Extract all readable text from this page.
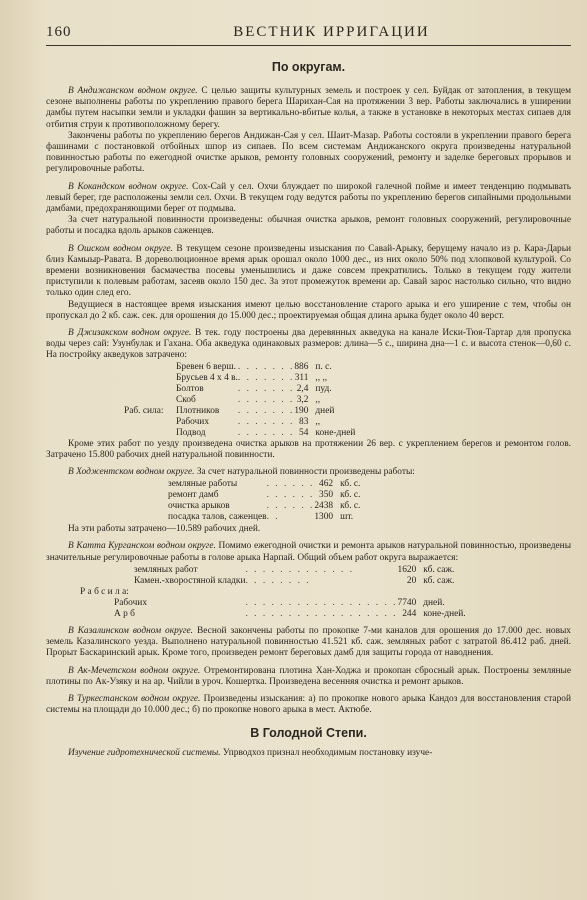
160	ВЕСТНИК ИРРИГАЦИИ
По округам.

В Андижанском водном округе. С целью защиты культурных земель и построек у сел. Буйдак от затопления, в текущем сезоне выполнены работы по укреплению правого берега Шарихан-Сая на протяжении 3 вер. Работы заключались в уширении дамбы путем насыпки земли и укладки фашин за вертикально-вбитые колья, а также в установке в некоторых местах сипаев для отбития струи к противоположному берегу.

Закончены работы по укреплению берегов Андижан-Сая у сел. Шаит-Мазар. Работы состояли в укреплении правого берега фашинами с постановкой отбойных шпор из сипаев. По всем системам Андижанского округа произведены натуральной повинностью работы по ежегодной очистке арыков, ремонту головных сооружений, ремонту и заделке береговых прорывов и регулировочные работы.

В Кокандском водном округе. Сох-Сай у сел. Охчи блуждает по широкой галечной пойме и имеет тенденцию подмывать левый берег, где расположены земли сел. Охчи. В текущем году ведутся работы по укреплению берегов сипайными продольными дамбами, предохраняющими берег от подмыва.

За счет натуральной повинности произведены: обычная очистка арыков, ремонт головных сооружений, регулировочные работы и посадка вдоль арыков саженцев.

В Ошском водном округе. В текущем сезоне произведены изыскания по Савай-Арыку, берущему начало из р. Кара-Дарьи близ Камыыр-Равата. В дореволюционное время арык орошал около 1000 дес., из них около 50% под хлопковой культурой. Со времени возникновения басмачества посевы уменьшились и даже совсем прекратились. Только в текущем году жители приступили к полевым работам, засеяв около 150 дес. За этот промежуток времени ар. Савай зарос настолько сильно, что видно только один след его.

Ведущиеся в настоящее время изыскания имеют целью восстановление старого арыка и его уширение с тем, чтобы он пропускал до 2 кб. саж. сек. для орошения до 15.000 дес.; проектируемая общая длина арыка будет около 40 верст.

В Джизакском водном округе. В тек. году построены два деревянных акведука на канале Иски-Тюя-Тартар для пропуска воды через сай: Узунбулак и Гахана. Оба акведука одинаковых размеров: длина—5 с., ширина дна—1 с. и высота стенок—0,60 с. На постройку акведуков затрачено:

Бревен 6 верш.		. . . . . . .	886	п. с.
Брусьев 4 х 4 в.		. . . . . . .	311	,, ,,
Болтов		. . . . . . .	2,4	пуд.
Скоб		. . . . . . .	3,2	,,
Раб. сила:	Плотников	. . . . . . .	190	дней
	Рабочих	. . . . . . .	83	,,
	Подвод	. . . . . . .	54	коне-дней

Кроме этих работ по уезду произведена очистка арыков на протяжении 26 вер. с укреплением берегов и ремонтом голов. Затрачено 15.800 рабочих дней натуральной повинности.

В Ходжентском водном округе. За счет натуральной повинности произведены работы:

земляные работы	. . . . . .	462	кб. с.
ремонт дамб	. . . . . .	350	кб. с.
очистка арыков	. . . . . .	2438	кб. с.
посадка талов, саженцев	. .	1300	шт.

На эти работы затрачено—10.589 рабочих дней.

В Катта Курганском водном округе. Помимо ежегодной очистки и ремонта арыков натуральной повинностью, произведены значительные регулировочные работы в голове арыка Нарпай. Общий объем работ округа выражается:

земляных работ	. . . . . . . . . . . . .	1620	кб. саж.
Камен.-хворостяной кладки	. . . . . . . .	20	кб. саж.
Р а б с и л а:			
Рабочих	. . . . . . . . . . . . . . . . . .	7740	дней.
А р б	. . . . . . . . . . . . . . . . . .	244	коне-дней.

В Казалинском водном округе. Весной закончены работы по прокопке 7-ми каналов для орошения до 17.000 дес. новых земель Казалинского уезда. Выполнено натуральной повинностью 41.521 кб. саж. земляных работ с затратой 86.412 раб. дней. Прорыт Баскаринский арык. Кроме того, произведен ремонт береговых дамб для защиты города от наводнения.

В Ак-Мечетском водном округе. Отремонтирована плотина Хан-Ходжа и прокопан сбросный арык. Построены земляные плотины по Ак-Узяку и на ар. Чийли в уроч. Кошертка. Произведена весенняя очистка и ремонт арыков.

В Туркестанском водном округе. Произведены изыскания: а) по прокопке нового арыка Кандоз для восстановления старой системы на площади до 10.000 дес.; б) по прокопке нового арыка в мест. Актюбе.

В Голодной Степи.

Изучение гидротехнической системы. Упрводхоз признал необходимым постановку изуче-
